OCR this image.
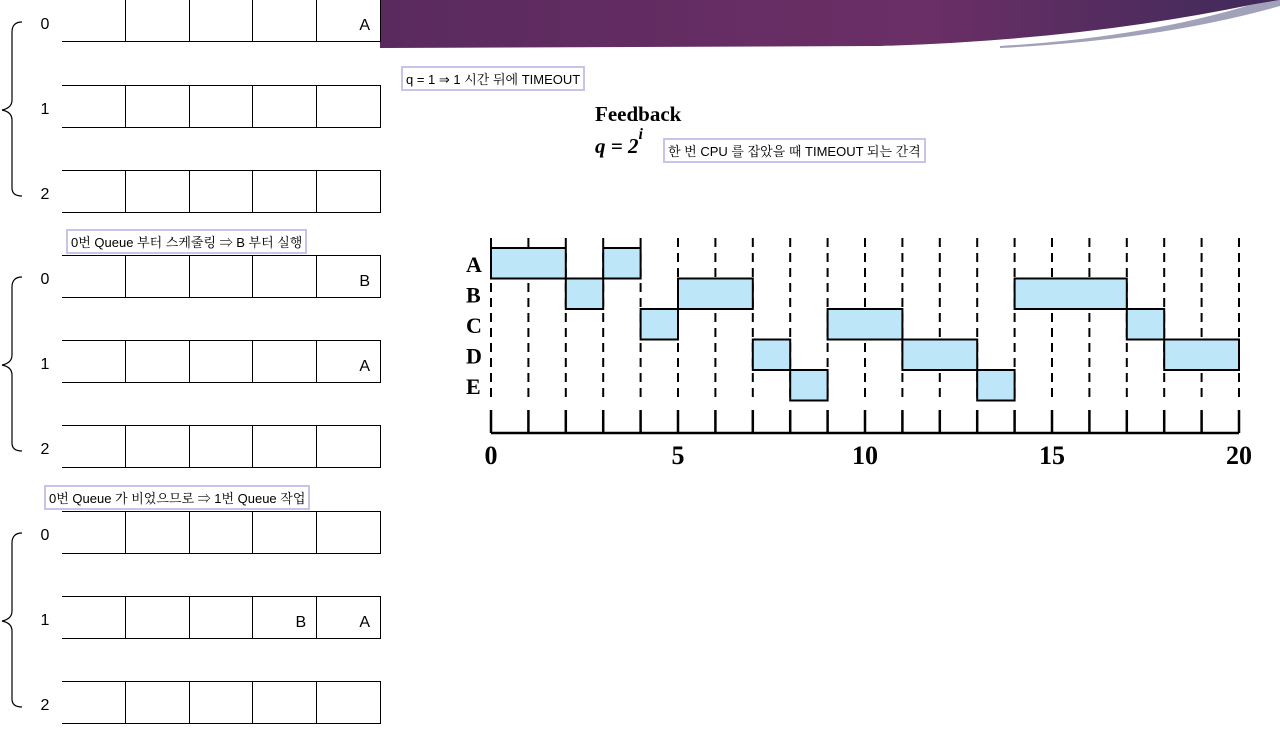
0	A
1
2
0번 Queue 부터 스케줄링 ⇒ B 부터 실행
0	B
1	A
2
0번 Queue 가 비었으므로 ⇒ 1번 Queue 작업
0
1	B	A
2
q = 1 ⇒ 1 시간 뒤에 TIMEOUT
한 번 CPU 를 잡았을 때 TIMEOUT 되는 간격
Feedback
$q = 2^i$
A
B
C
D
E
0	5	10	15	20
